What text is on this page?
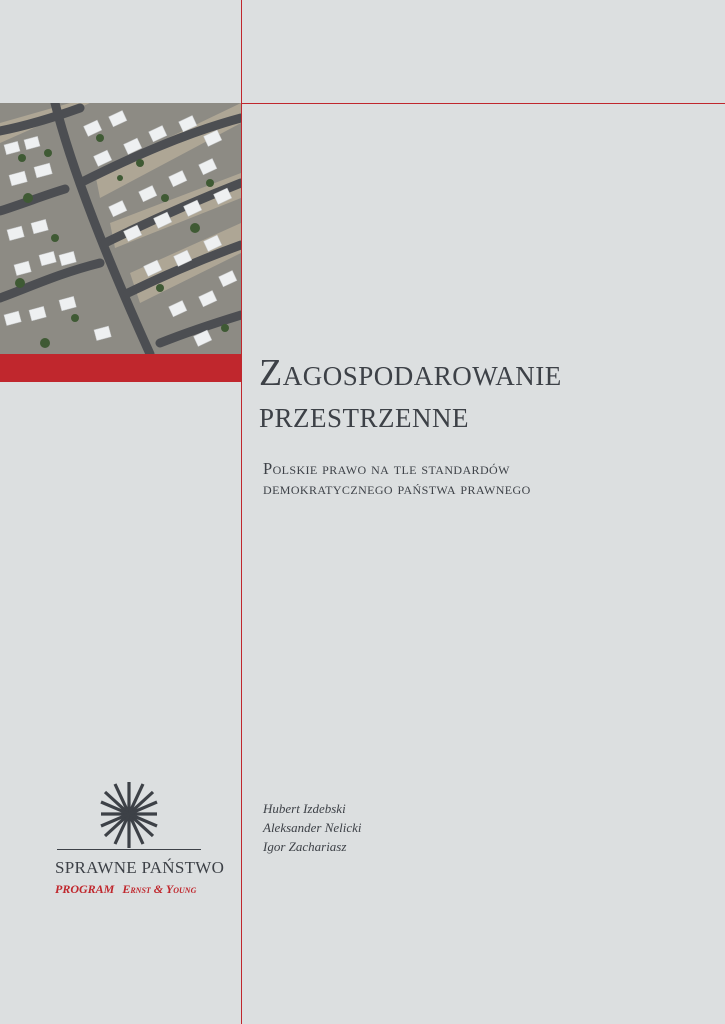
Zagospodarowanie
przestrzenne
Polskie prawo na tle standardów
demokratycznego państwa prawnego
Hubert Izdebski
Aleksander Nelicki
Igor Zachariasz
SPRAWNE PAŃSTWO
PROGRAM Ernst & Young
